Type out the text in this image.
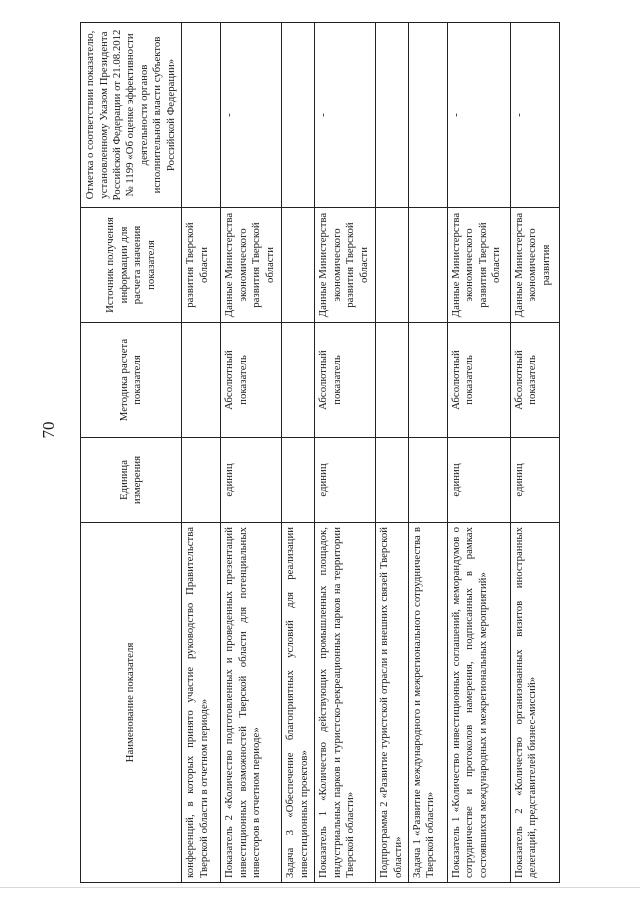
70
Наименование показателя	Единица измерения	Методика расчета показателя	Источник получения информации для расчета значения показателя	Отметка о соответствии показателю, установленному Указом Президента Российской Федерации от 21.08.2012 № 1199 «Об оценке эффективности деятельности органов исполнительной власти субъектов Российской Федерации»
конференций, в которых принято участие руководство Правительства Тверской области в отчетном периоде»			развития Тверской области	
Показатель 2 «Количество подготовленных и проведенных презентаций инвестиционных возможностей Тверской области для потенциальных инвесторов в отчетном периоде»	единиц	Абсолютный показатель	Данные Министерства экономического развития Тверской области	-
Задача 3 «Обеспечение благоприятных условий для реализации инвестиционных проектов»				
Показатель 1 «Количество действующих промышленных площадок, индустриальных парков и туристско-рекреационных парков на территории Тверской области»	единиц	Абсолютный показатель	Данные Министерства экономического развития Тверской области	-
Подпрограмма 2 «Развитие туристской отрасли и внешних связей Тверской области»				
Задача 1 «Развитие международного и межрегионального сотрудничества в Тверской области»				
Показатель 1 «Количество инвестиционных соглашений, меморандумов о сотрудничестве и протоколов намерения, подписанных в рамках состоявшихся международных и межрегиональных мероприятий»	единиц	Абсолютный показатель	Данные Министерства экономического развития Тверской области	-
Показатель 2 «Количество организованных визитов иностранных делегаций, представителей бизнес-миссий»	единиц	Абсолютный показатель	Данные Министерства экономического развития	-
